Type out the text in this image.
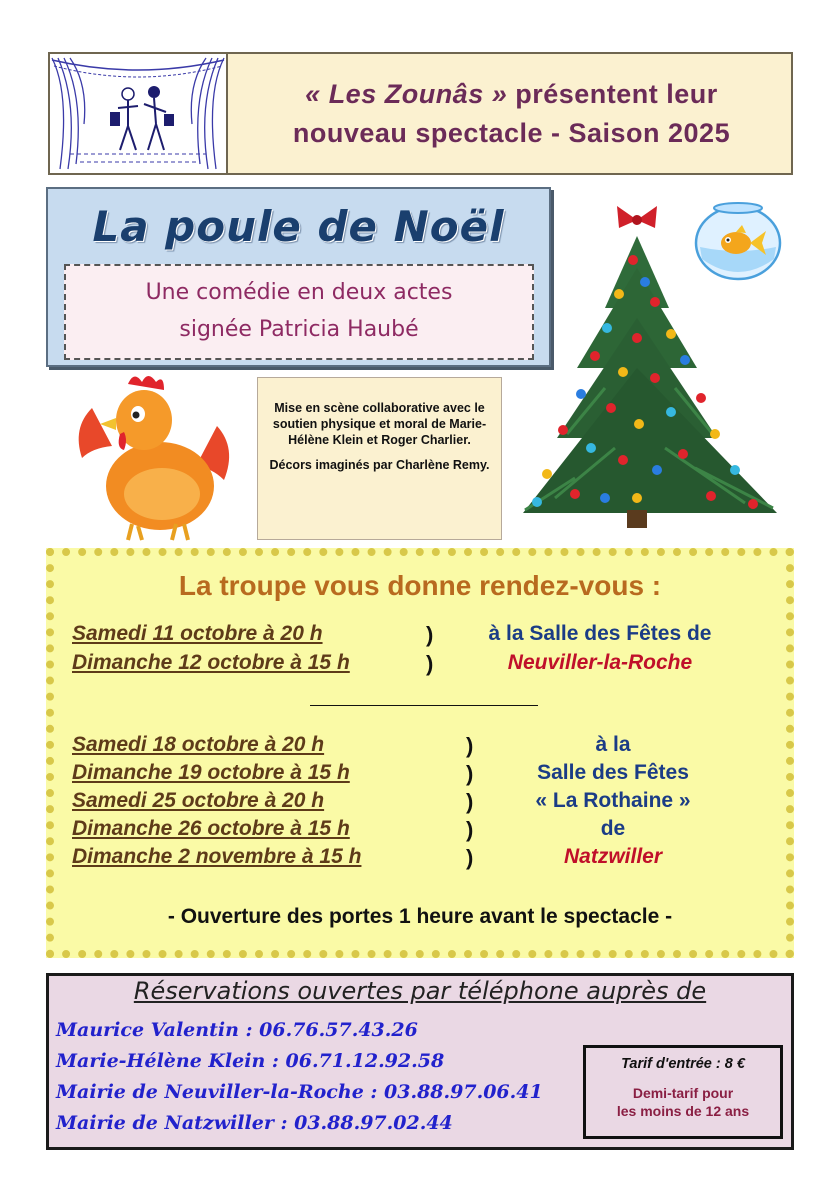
« Les Zounâs » présentent leur
nouveau spectacle - Saison 2025
La poule de Noël
Une comédie en deux actes
signée Patricia Haubé

Mise en scène collaborative avec le soutien physique et moral de Marie-Hélène Klein et Roger Charlier.

Décors imaginés par Charlène Remy.

La troupe vous donne rendez-vous :
Samedi 11 octobre à 20 h
Dimanche 12 octobre à 15 h
)
)
à la Salle des Fêtes de
Neuviller-la-Roche
Samedi 18 octobre à 20 h
Dimanche 19 octobre à 15 h
Samedi 25 octobre à 20 h
Dimanche 26 octobre à 15 h
Dimanche 2 novembre à 15 h
)
)
)
)
)
à la
Salle des Fêtes
« La Rothaine »
de
Natzwiller
- Ouverture des portes 1 heure avant le spectacle -
Réservations ouvertes par téléphone auprès de
Maurice Valentin : 06.76.57.43.26
Marie-Hélène Klein : 06.71.12.92.58
Mairie de Neuviller-la-Roche : 03.88.97.06.41
Mairie de Natzwiller : 03.88.97.02.44
Tarif d'entrée : 8 €
Demi-tarif pour
les moins de 12 ans
